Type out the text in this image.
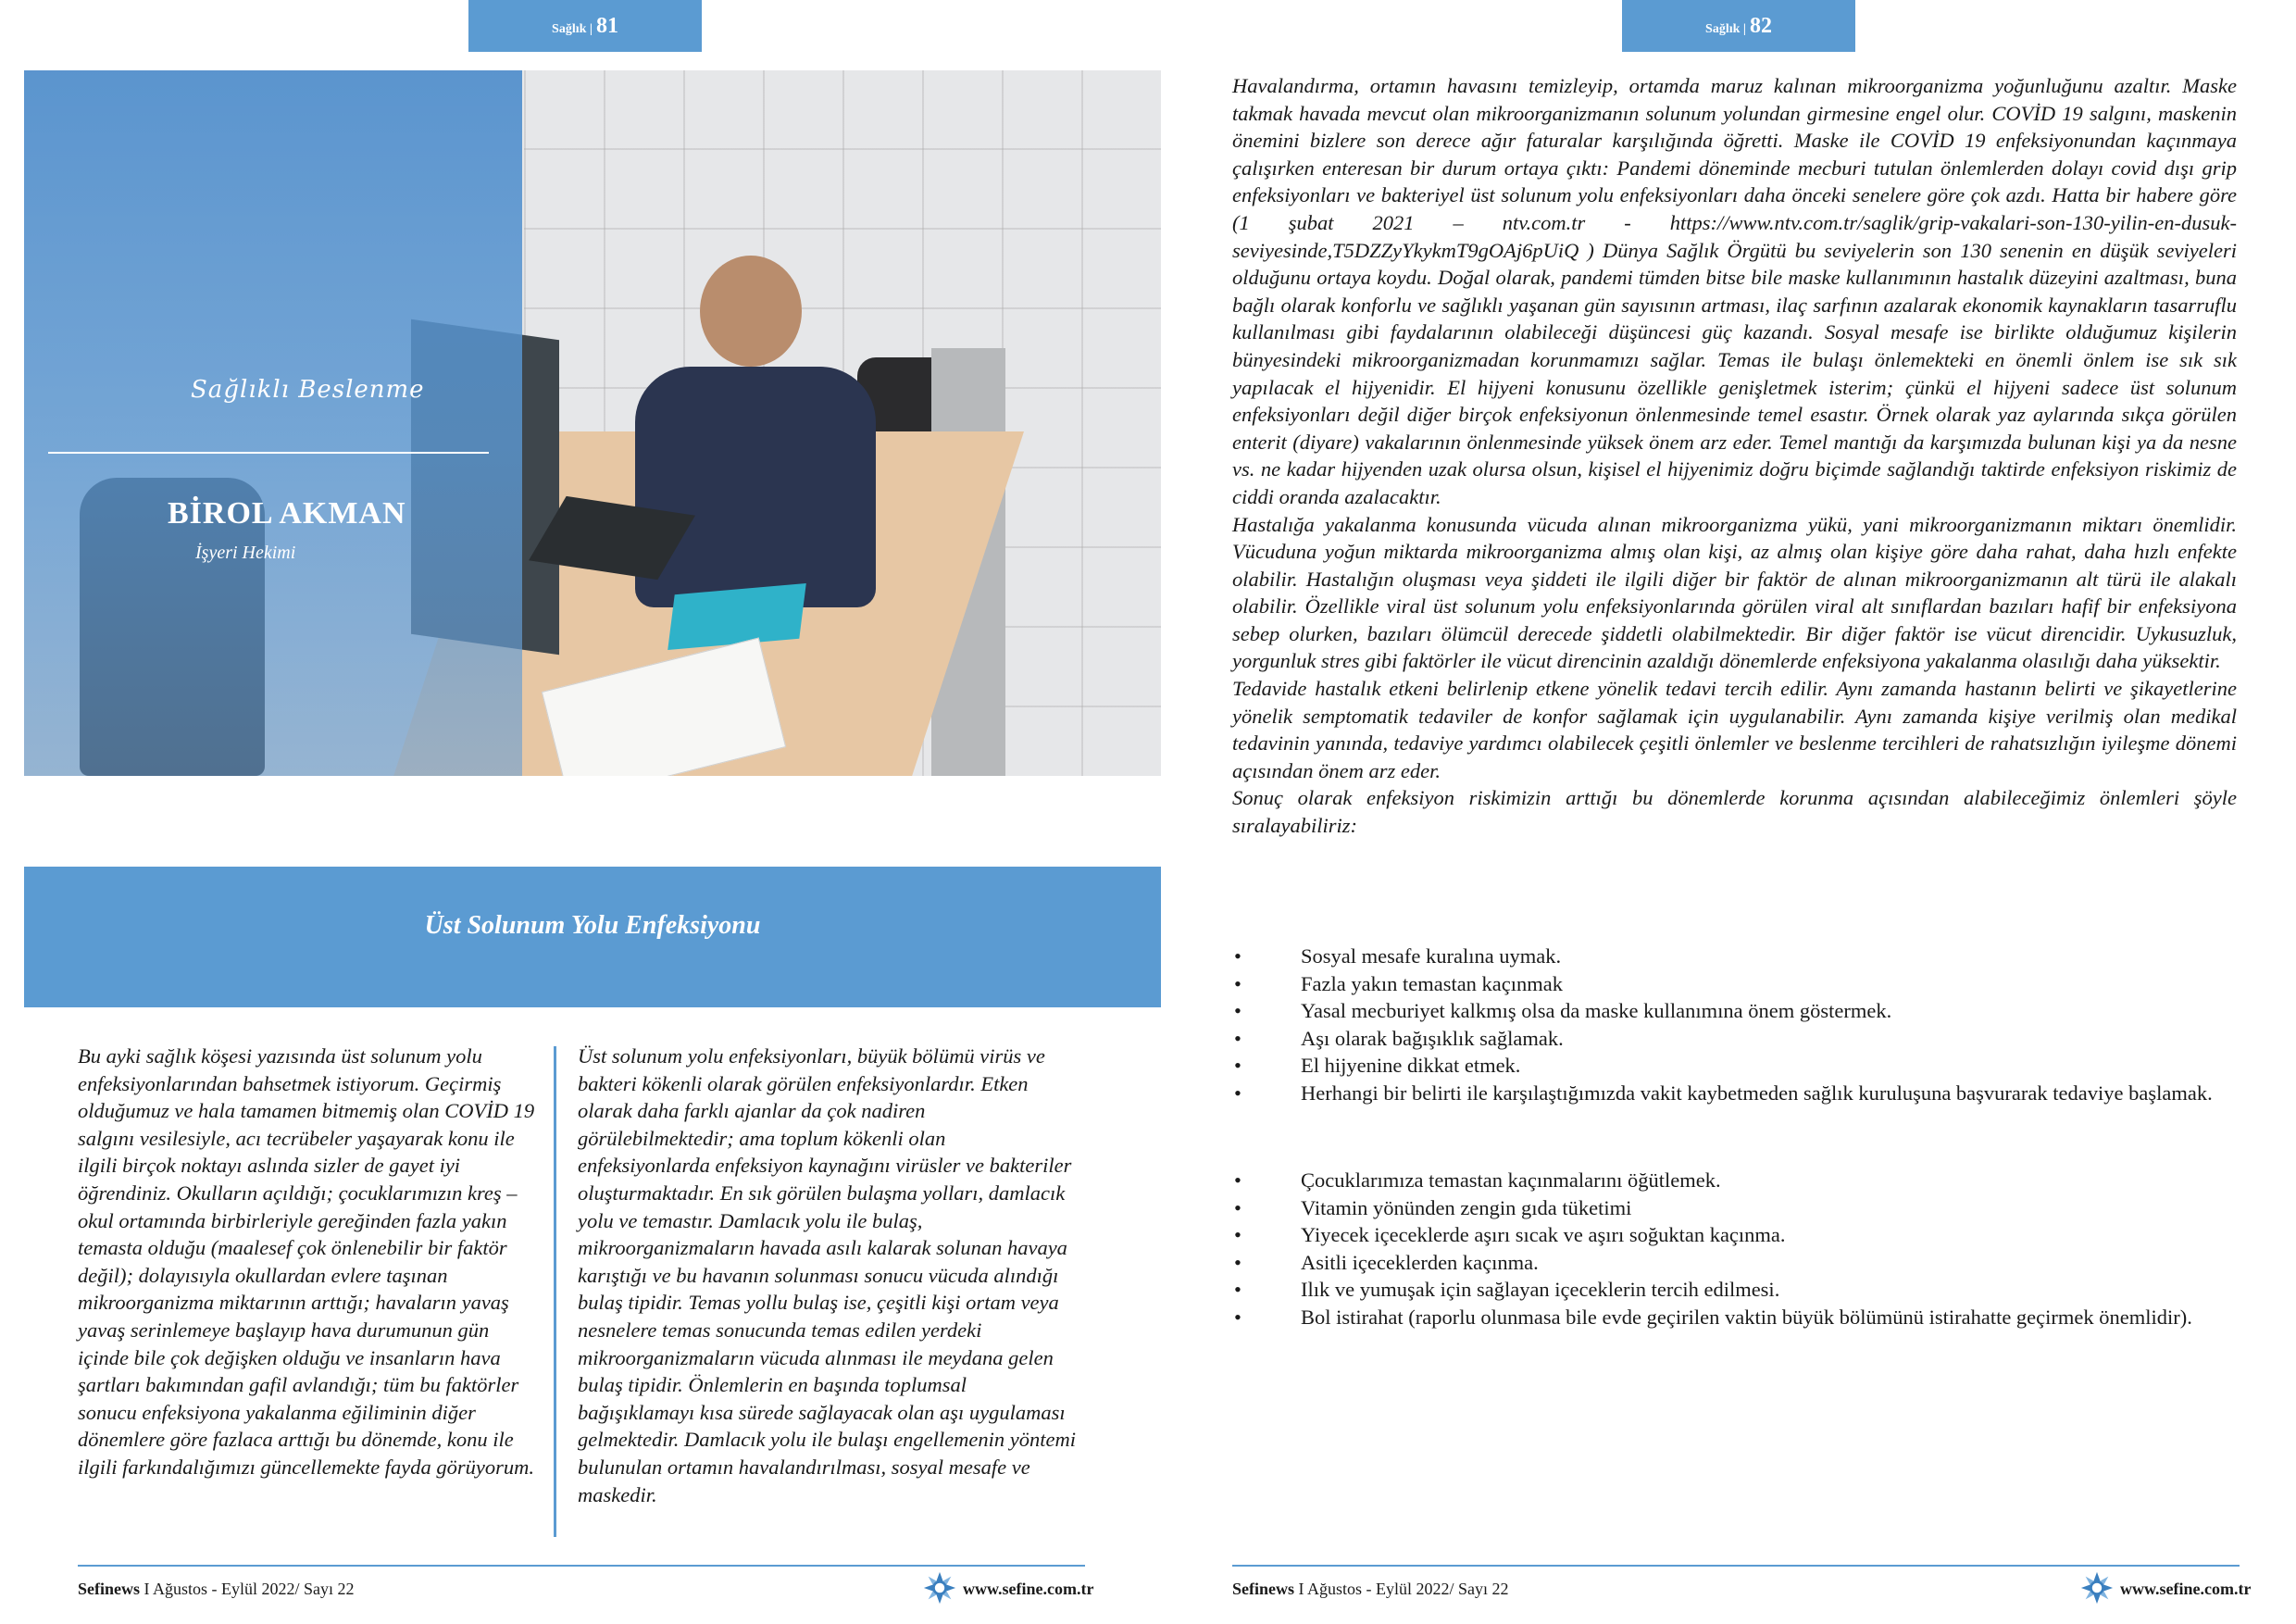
Sağlık | 81	Sağlık | 82
Sağlıklı Beslenme
BİROL AKMAN
İşyeri Hekimi
Üst Solunum Yolu Enfeksiyonu
Bu ayki sağlık köşesi yazısında üst solunum yolu enfeksiyonlarından bahsetmek istiyorum. Geçirmiş olduğumuz ve hala tamamen bitmemiş olan COVİD 19 salgını vesilesiyle, acı tecrübeler yaşayarak konu ile ilgili birçok noktayı aslında sizler de gayet iyi öğrendiniz. Okulların açıldığı; çocuklarımızın kreş – okul ortamında birbirleriyle gereğinden fazla yakın temasta olduğu (maalesef çok önlenebilir bir faktör değil); dolayısıyla okullardan evlere taşınan mikroorganizma miktarının arttığı; havaların yavaş yavaş serinlemeye başlayıp hava durumunun gün içinde bile çok değişken olduğu ve insanların hava şartları bakımından gafil avlandığı; tüm bu faktörler sonucu enfeksiyona yakalanma eğiliminin diğer dönemlere göre fazlaca arttığı bu dönemde, konu ile ilgili farkındalığımızı güncellemekte fayda görüyorum.
Üst solunum yolu enfeksiyonları, büyük bölümü virüs ve bakteri kökenli olarak görülen enfeksiyonlardır. Etken olarak daha farklı ajanlar da çok nadiren görülebilmektedir; ama toplum kökenli olan enfeksiyonlarda enfeksiyon kaynağını virüsler ve bakteriler oluşturmaktadır. En sık görülen bulaşma yolları, damlacık yolu ve temastır. Damlacık yolu ile bulaş, mikroorganizmaların havada asılı kalarak solunan havaya karıştığı ve bu havanın solunması sonucu vücuda alındığı bulaş tipidir. Temas yollu bulaş ise, çeşitli kişi ortam veya nesnelere temas sonucunda temas edilen yerdeki mikroorganizmaların vücuda alınması ile meydana gelen bulaş tipidir. Önlemlerin en başında toplumsal bağışıklamayı kısa sürede sağlayacak olan aşı uygulaması gelmektedir. Damlacık yolu ile bulaşı engellemenin yöntemi bulunulan ortamın havalandırılması, sosyal mesafe ve maskedir.

Havalandırma, ortamın havasını temizleyip, ortamda maruz kalınan mikroorganizma yoğunluğunu azaltır. Maske takmak havada mevcut olan mikroorganizmanın solunum yolundan girmesine engel olur. COVİD 19 salgını, maskenin önemini bizlere son derece ağır faturalar karşılığında öğretti. Maske ile COVİD 19 enfeksiyonundan kaçınmaya çalışırken enteresan bir durum ortaya çıktı: Pandemi döneminde mecburi tutulan önlemlerden dolayı covid dışı grip enfeksiyonları ve bakteriyel üst solunum yolu enfeksiyonları daha önceki senelere göre çok azdı. Hatta bir habere göre (1 şubat 2021 – ntv.com.tr - https://www.ntv.com.tr/saglik/grip-vakalari-son-130-yilin-en-dusuk-seviyesinde,T5DZZyYkykmT9gOAj6pUiQ ) Dünya Sağlık Örgütü bu seviyelerin son 130 senenin en düşük seviyeleri olduğunu ortaya koydu. Doğal olarak, pandemi tümden bitse bile maske kullanımının hastalık düzeyini azaltması, buna bağlı olarak konforlu ve sağlıklı yaşanan gün sayısının artması, ilaç sarfının azalarak ekonomik kaynakların tasarruflu kullanılması gibi faydalarının olabileceği düşüncesi güç kazandı. Sosyal mesafe ise birlikte olduğumuz kişilerin bünyesindeki mikroorganizmadan korunmamızı sağlar. Temas ile bulaşı önlemekteki en önemli önlem ise sık sık yapılacak el hijyenidir. El hijyeni konusunu özellikle genişletmek isterim; çünkü el hijyeni sadece üst solunum enfeksiyonları değil diğer birçok enfeksiyonun önlenmesinde temel esastır. Örnek olarak yaz aylarında sıkça görülen enterit (diyare) vakalarının önlenmesinde yüksek önem arz eder. Temel mantığı da karşımızda bulunan kişi ya da nesne vs. ne kadar hijyenden uzak olursa olsun, kişisel el hijyenimiz doğru biçimde sağlandığı taktirde enfeksiyon riskimiz de ciddi oranda azalacaktır.

Hastalığa yakalanma konusunda vücuda alınan mikroorganizma yükü, yani mikroorganizmanın miktarı önemlidir. Vücuduna yoğun miktarda mikroorganizma almış olan kişi, az almış olan kişiye göre daha rahat, daha hızlı enfekte olabilir. Hastalığın oluşması veya şiddeti ile ilgili diğer bir faktör de alınan mikroorganizmanın alt türü ile alakalı olabilir. Özellikle viral üst solunum yolu enfeksiyonlarında görülen viral alt sınıflardan bazıları hafif bir enfeksiyona sebep olurken, bazıları ölümcül derecede şiddetli olabilmektedir. Bir diğer faktör ise vücut direncidir. Uykusuzluk, yorgunluk stres gibi faktörler ile vücut direncinin azaldığı dönemlerde enfeksiyona yakalanma olasılığı daha yüksektir.

Tedavide hastalık etkeni belirlenip etkene yönelik tedavi tercih edilir. Aynı zamanda hastanın belirti ve şikayetlerine yönelik semptomatik tedaviler de konfor sağlamak için uygulanabilir. Aynı zamanda kişiye verilmiş olan medikal tedavinin yanında, tedaviye yardımcı olabilecek çeşitli önlemler ve beslenme tercihleri de rahatsızlığın iyileşme dönemi açısından önem arz eder.

Sonuç olarak enfeksiyon riskimizin arttığı bu dönemlerde korunma açısından alabileceğimiz önlemleri şöyle sıralayabiliriz:

• Sosyal mesafe kuralına uymak.
• Fazla yakın temastan kaçınmak
• Yasal mecburiyet kalkmış olsa da maske kullanımına önem göstermek.
• Aşı olarak bağışıklık sağlamak.
• El hijyenine dikkat etmek.
• Herhangi bir belirti ile karşılaştığımızda vakit kaybetmeden sağlık kuruluşuna başvurarak tedaviye başlamak.
• Çocuklarımıza temastan kaçınmalarını öğütlemek.
• Vitamin yönünden zengin gıda tüketimi
• Yiyecek içeceklerde aşırı sıcak ve aşırı soğuktan kaçınma.
• Asitli içeceklerden kaçınma.
• Ilık ve yumuşak için sağlayan içeceklerin tercih edilmesi.
• Bol istirahat (raporlu olunmasa bile evde geçirilen vaktin büyük bölümünü istirahatte geçirmek önemlidir).
Sefinews I Ağustos - Eylül 2022/ Sayı 22	www.sefine.com.tr	Sefinews I Ağustos - Eylül 2022/ Sayı 22	www.sefine.com.tr
